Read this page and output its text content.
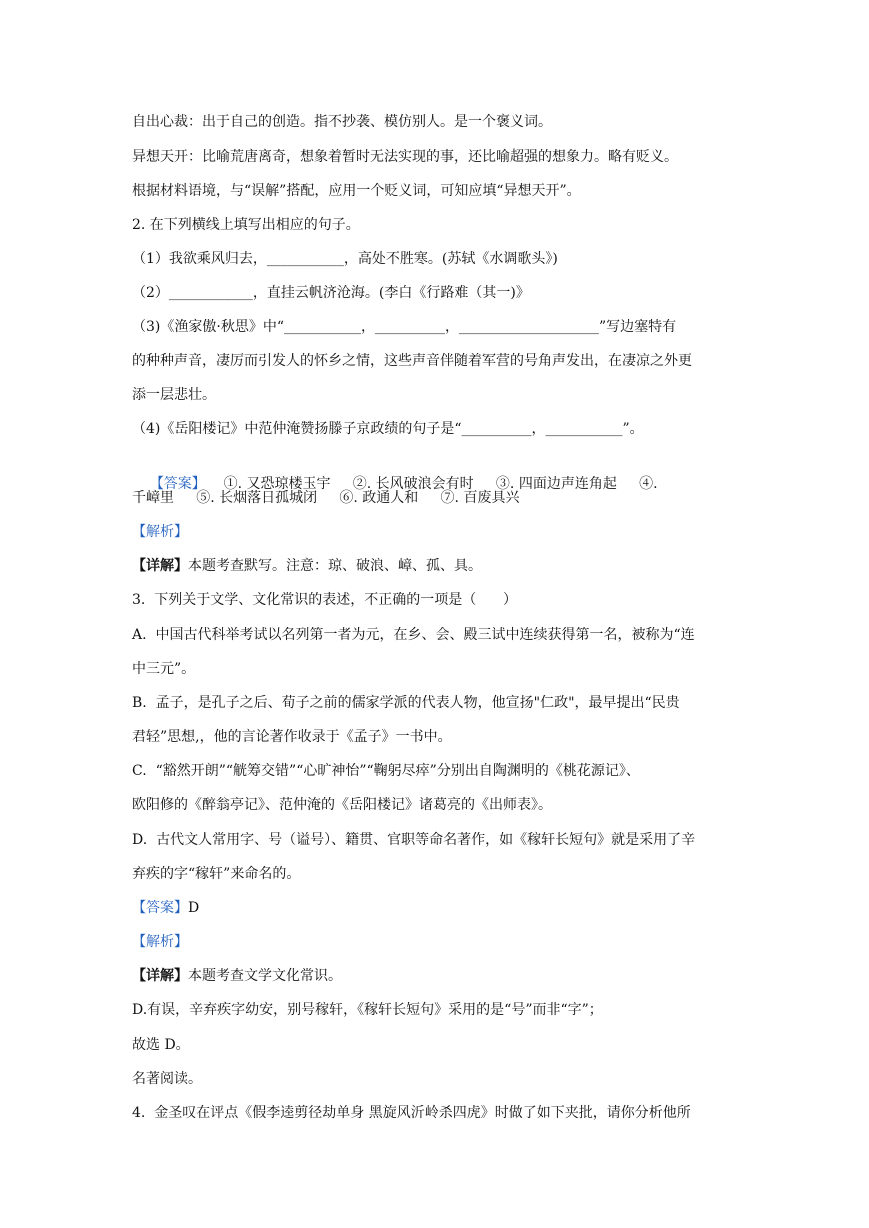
自出心裁：出于自己的创造。指不抄袭、模仿别人。是一个褒义词。
异想天开：比喻荒唐离奇，想象着暂时无法实现的事，还比喻超强的想象力。略有贬义。
根据材料语境，与“误解”搭配，应用一个贬义词，可知应填“异想天开”。
2. 在下列横线上填写出相应的句子。
（1）我欲乘风归去，___________，高处不胜寒。(苏轼《水调歌头》)
（2）____________，直挂云帆济沧海。(李白《行路难（其一)》
（3)《渔家傲·秋思》中“___________，__________，____________________”写边塞特有
的种种声音，凄厉而引发人的怀乡之情，这些声音伴随着军营的号角声发出，在凄凉之外更
添一层悲壮。
（4)《岳阳楼记》中范仲淹赞扬滕子京政绩的句子是“__________，___________”。

【答案】    ①. 又恐琼楼玉宇     ②. 长风破浪会有时     ③. 四面边声连角起     ④.

千嶂里     ⑤. 长烟落日孤城闭     ⑥. 政通人和     ⑦. 百废具兴
【解析】
【详解】本题考查默写。注意：琼、破浪、嶂、孤、具。
3.  下列关于文学、文化常识的表述，不正确的一项是（      ）
A.  中国古代科举考试以名列第一者为元，在乡、会、殿三试中连续获得第一名，被称为“连
中三元”。
B.  孟子，是孔子之后、荀子之前的儒家学派的代表人物，他宣扬"仁政"，最早提出“民贵
君轻”思想,，他的言论著作收录于《孟子》一书中。
C.  “豁然开朗”“觥筹交错”“心旷神怡”“鞠躬尽瘁”分别出自陶渊明的《桃花源记》、
欧阳修的《醉翁亭记》、范仲淹的《岳阳楼记》诸葛亮的《出师表》。
D.  古代文人常用字、号（谥号）、籍贯、官职等命名著作，如《稼轩长短句》就是采用了辛
弃疾的字“稼轩”来命名的。
【答案】D
【解析】
【详解】本题考查文学文化常识。
D.有误，辛弃疾字幼安，别号稼轩，《稼轩长短句》采用的是“号”而非“字”；
故选 D。
名著阅读。
4.  金圣叹在评点《假李逵剪径劫单身 黑旋风沂岭杀四虎》时做了如下夹批，请你分析他所
